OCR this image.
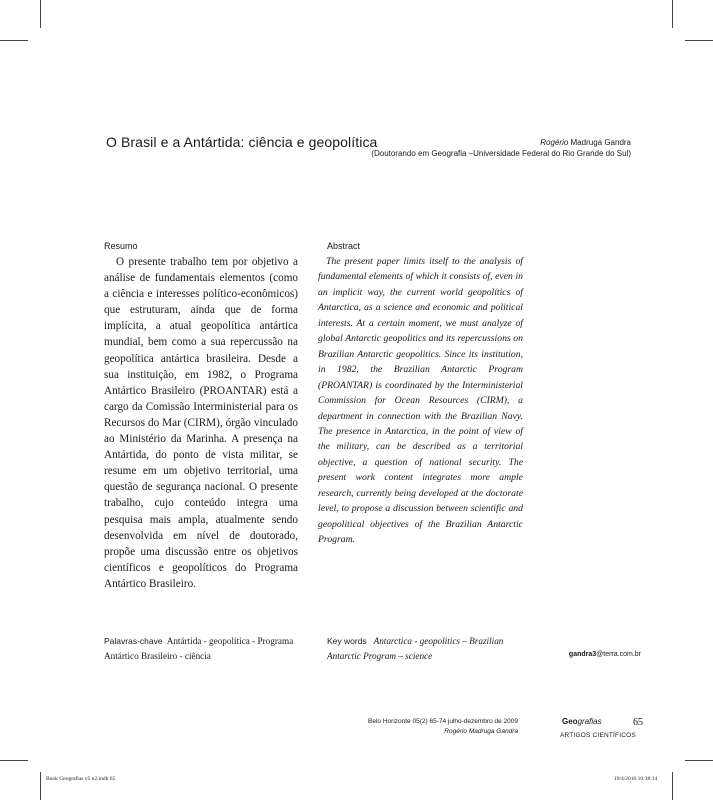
O Brasil e a Antártida: ciência e geopolítica	Rogério Madruga Gandra
(Doutorando em Geografia –Universidade Federal do Rio Grande do Sul)
Resumo	Abstract

O presente trabalho tem por objetivo a análise de fundamentais elementos (como a ciência e interesses político-econômicos) que estruturam, ainda que de forma implícita, a atual geopolítica antártica mundial, bem como a sua repercussão na geopolítica antártica brasileira. Desde a sua instituição, em 1982, o Programa Antártico Brasileiro (PROANTAR) está a cargo da Comissão Interministerial para os Recursos do Mar (CIRM), órgão vinculado ao Ministério da Marinha. A presença na Antártida, do ponto de vista militar, se resume em um objetivo territorial, uma questão de segurança nacional. O presente trabalho, cujo conteúdo integra uma pesquisa mais ampla, atualmente sendo desenvolvida em nível de doutorado, propõe uma discussão entre os objetivos científicos e geopolíticos do Programa Antártico Brasileiro.

The present paper limits itself to the analysis of fundamental elements of which it consists of, even in an implicit way, the current world geopolitics of Antarctica, as a science and economic and political interests. At a certain moment, we must analyze of global Antarctic geopolitics and its repercussions on Brazilian Antarctic geopolitics. Since its institution, in 1982, the Brazilian Antarctic Program (PROANTAR) is coordinated by the Interministerial Commission for Ocean Resources (CIRM), a department in connection with the Brazilian Navy. The presence in Antarctica, in the point of view of the military, can be described as a territorial objective, a question of national security. The present work content integrates more ample research, currently being developed at the doctorate level, to propose a discussion between scientific and geopolitical objectives of the Brazilian Antarctic Program.

Palavras-chave Antártida - geopolítica - Programa Antártico Brasileiro - ciência
Key words Antarctica - geopolitics – Brazilian Antarctic Program – science	gandra3@terra.com.br
Belo Horizonte 05(2) 65-74 julho-dezembro de 2009
Rogério Madruga Gandra
Geografias
ARTIGOS CIENTÍFICOS
65
Book Geografias v5 n2.indb 65	19/4/2010 10:38:14
